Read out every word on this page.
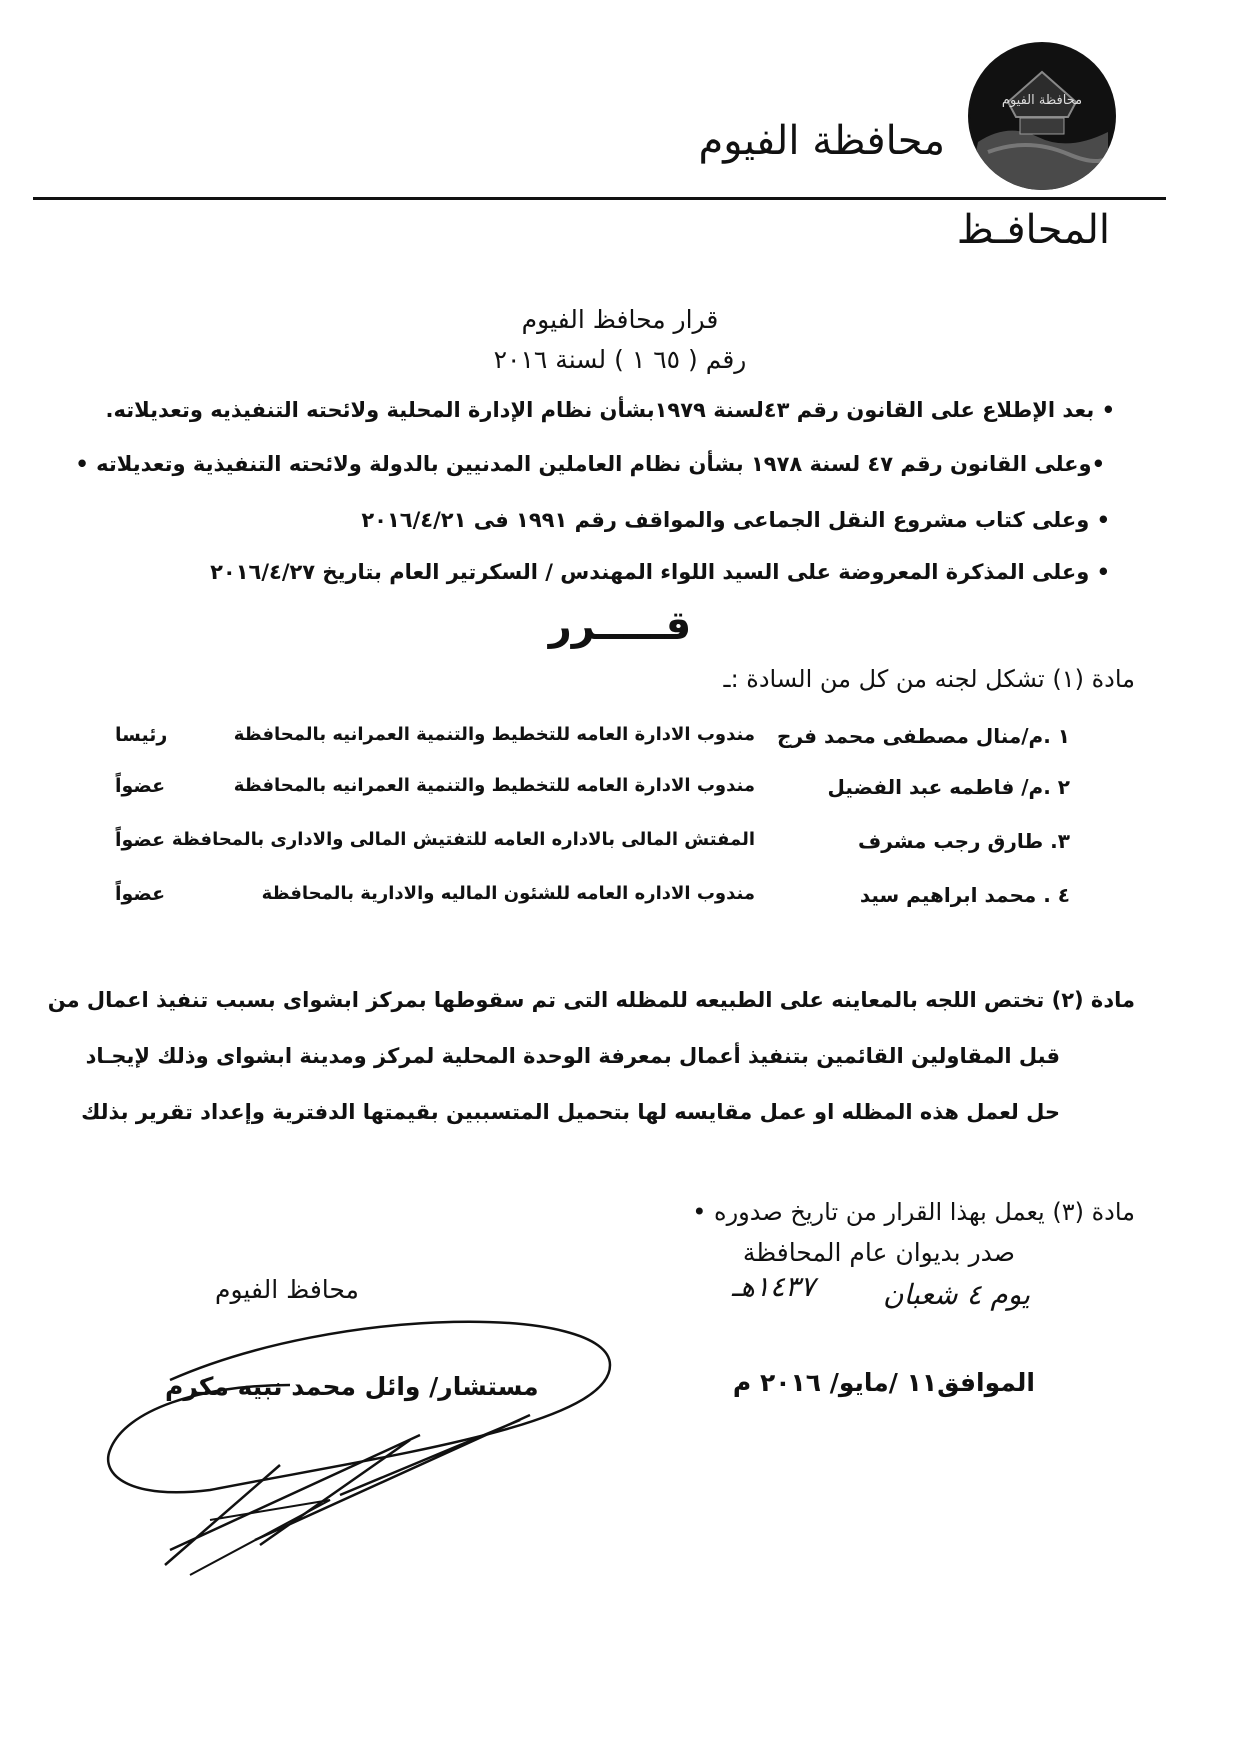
محافظة الفيوم
محافظة الفيوم
المحافـظ
قرار محافظ الفيوم
رقم ( ٦٥ ١ ) لسنة ٢٠١٦
• بعد الإطلاع على القانون رقم ٤٣لسنة ١٩٧٩بشأن نظام الإدارة المحلية ولائحته التنفيذيه وتعديلاته.
•وعلى القانون رقم ٤٧ لسنة ١٩٧٨ بشأن نظام العاملين المدنيين بالدولة ولائحته التنفيذية وتعديلاته •
• وعلى كتاب مشروع النقل الجماعى والمواقف رقم ١٩٩١ فى ٢٠١٦/٤/٢١
• وعلى المذكرة المعروضة على السيد اللواء المهندس / السكرتير العام بتاريخ ٢٠١٦/٤/٢٧
قـــــرر
مادة (١) تشكل لجنه من كل من السادة :ـ
١ .م/منال مصطفى محمد فرج
مندوب الادارة العامه للتخطيط والتنمية العمرانيه بالمحافظة
رئيسا
٢ .م/ فاطمه عبد الفضيل
مندوب الادارة العامه للتخطيط والتنمية العمرانيه بالمحافظة
عضواً
٣. طارق رجب مشرف
المفتش المالى بالاداره العامه للتفتيش المالى والادارى بالمحافظة
عضواً
٤ . محمد ابراهيم سيد
مندوب الاداره العامه للشئون الماليه والادارية بالمحافظة
عضواً
مادة (٢) تختص اللجه بالمعاينه على الطبيعه للمظله التى تم سقوطها بمركز ابشواى بسبب تنفيذ اعمال من
قبل المقاولين القائمين بتنفيذ أعمال بمعرفة الوحدة المحلية لمركز ومدينة ابشواى وذلك لإيجـاد
حل لعمل هذه المظله او عمل مقايسه لها بتحميل المتسببين بقيمتها الدفترية وإعداد تقرير بذلك
مادة (٣) يعمل بهذا القرار من تاريخ صدوره •
صدر بديوان عام المحافظة
يوم ٤ شعبان
١٤٣٧هـ
الموافق١١ /مايو/ ٢٠١٦ م
محافظ الفيوم
مستشار/ وائل محمد نبيه مكرم
